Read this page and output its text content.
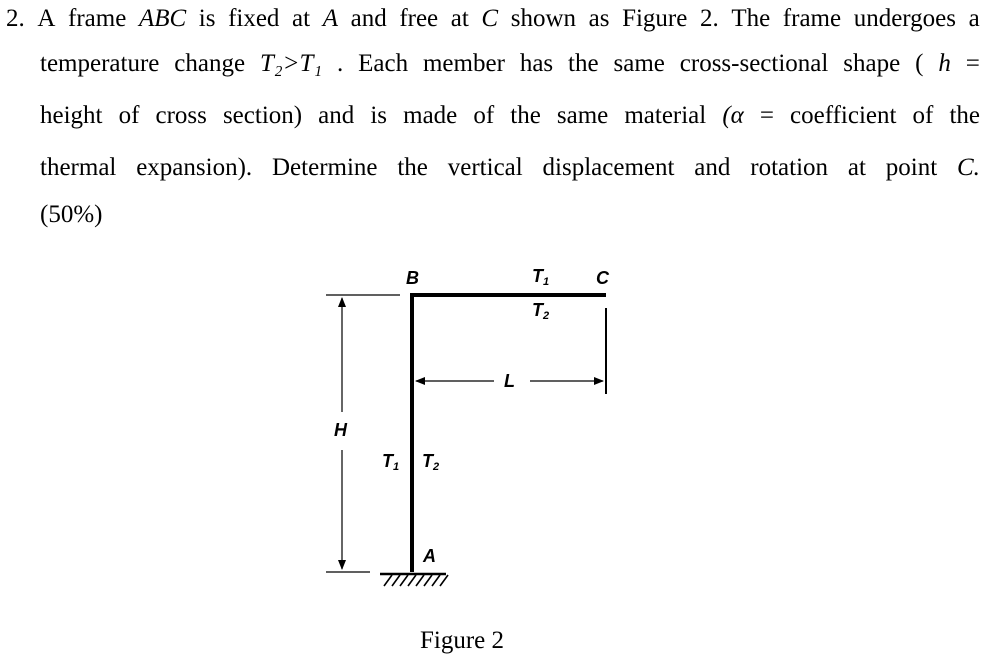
2. A frame ABC is fixed at A and free at C shown as Figure 2. The frame undergoes a
temperature change T₂>T₁ . Each member has the same cross-sectional shape ( h =
height of cross section) and is made of the same material (α = coefficient of the
thermal expansion). Determine the vertical displacement and rotation at point C.
(50%)
B	C
A
H
L
$T_1$
$T_2$
$T_1$ $T_2$
Figure 2
